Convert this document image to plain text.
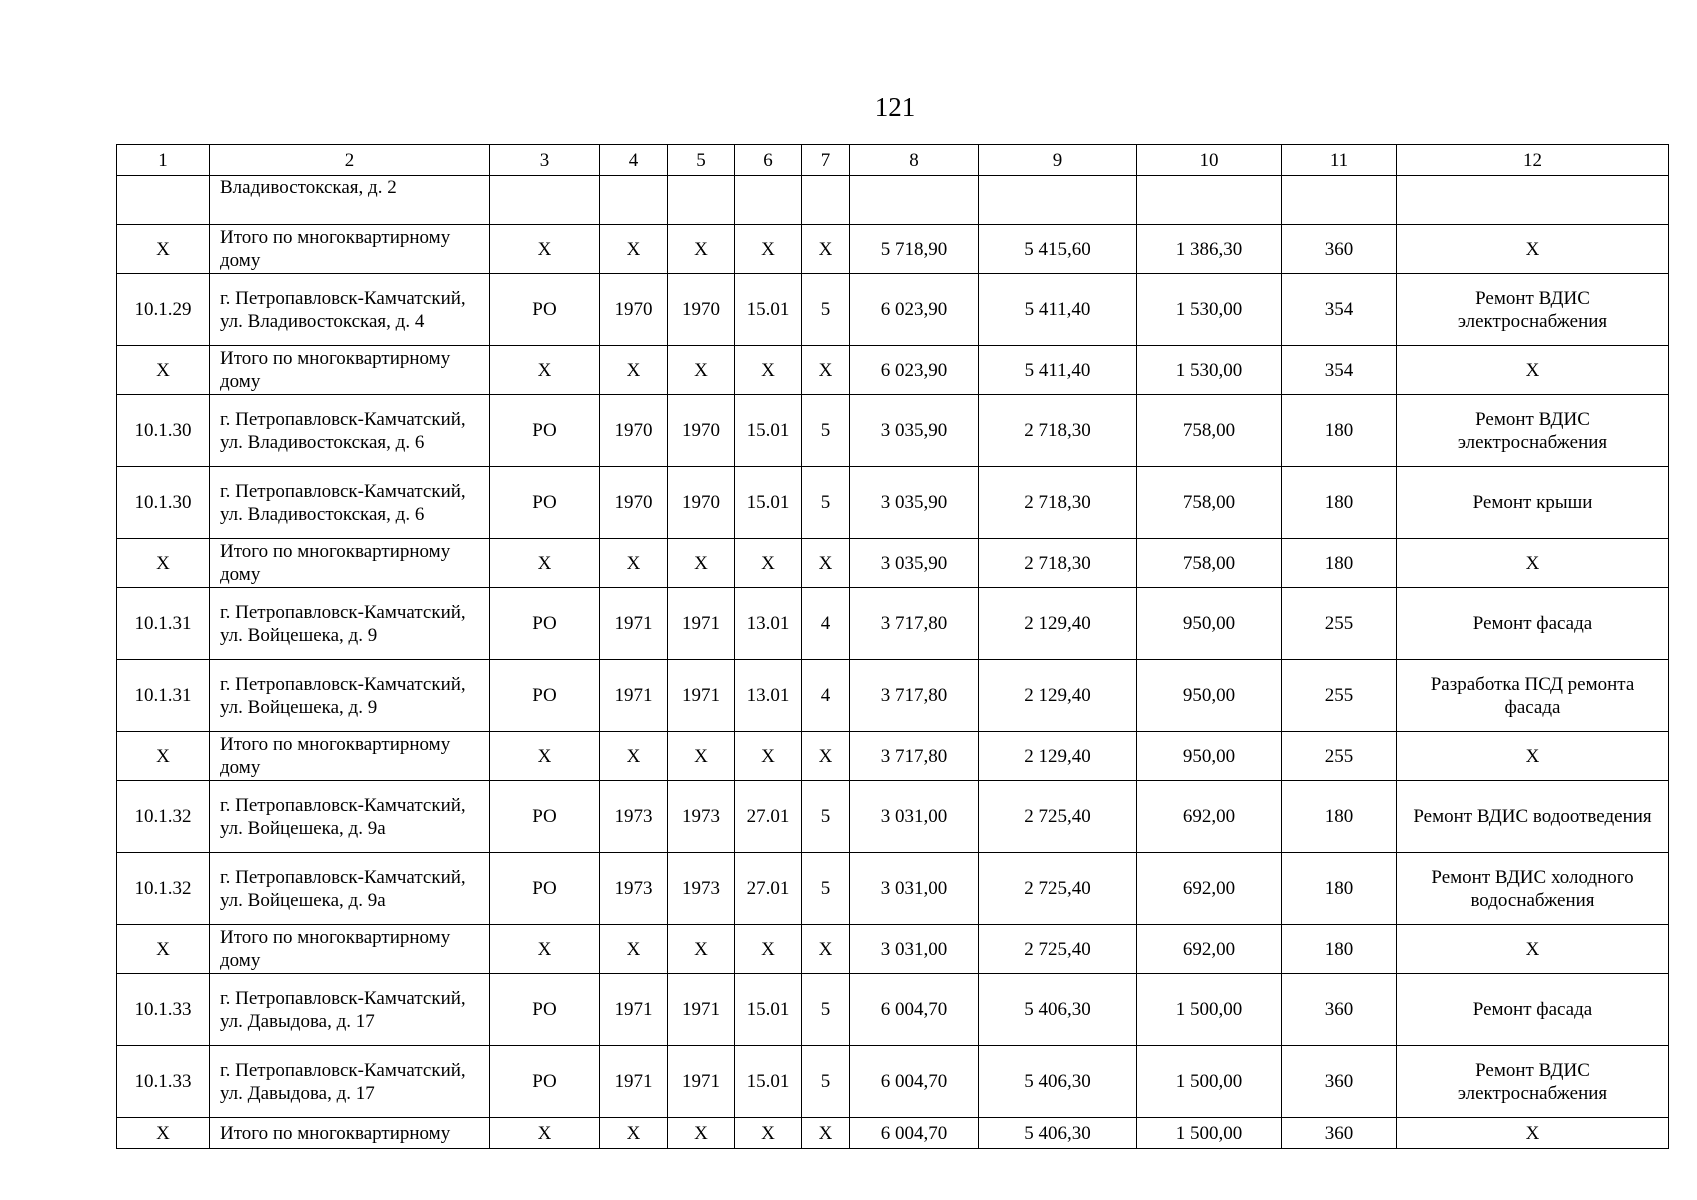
121
1	2	3	4	5	6	7	8	9	10	11	12
	Владивостокская, д. 2										
X	Итого по многоквартирному дому	X	X	X	X	X	5 718,90	5 415,60	1 386,30	360	X
10.1.29	г. Петропавловск-Камчатский, ул. Владивостокская, д. 4	РО	1970	1970	15.01	5	6 023,90	5 411,40	1 530,00	354	Ремонт ВДИС электроснабжения
X	Итого по многоквартирному дому	X	X	X	X	X	6 023,90	5 411,40	1 530,00	354	X
10.1.30	г. Петропавловск-Камчатский, ул. Владивостокская, д. 6	РО	1970	1970	15.01	5	3 035,90	2 718,30	758,00	180	Ремонт ВДИС электроснабжения
10.1.30	г. Петропавловск-Камчатский, ул. Владивостокская, д. 6	РО	1970	1970	15.01	5	3 035,90	2 718,30	758,00	180	Ремонт крыши
X	Итого по многоквартирному дому	X	X	X	X	X	3 035,90	2 718,30	758,00	180	X
10.1.31	г. Петропавловск-Камчатский, ул. Войцешека, д. 9	РО	1971	1971	13.01	4	3 717,80	2 129,40	950,00	255	Ремонт фасада
10.1.31	г. Петропавловск-Камчатский, ул. Войцешека, д. 9	РО	1971	1971	13.01	4	3 717,80	2 129,40	950,00	255	Разработка ПСД ремонта фасада
X	Итого по многоквартирному дому	X	X	X	X	X	3 717,80	2 129,40	950,00	255	X
10.1.32	г. Петропавловск-Камчатский, ул. Войцешека, д. 9а	РО	1973	1973	27.01	5	3 031,00	2 725,40	692,00	180	Ремонт ВДИС водоотведения
10.1.32	г. Петропавловск-Камчатский, ул. Войцешека, д. 9а	РО	1973	1973	27.01	5	3 031,00	2 725,40	692,00	180	Ремонт ВДИС холодного водоснабжения
X	Итого по многоквартирному дому	X	X	X	X	X	3 031,00	2 725,40	692,00	180	X
10.1.33	г. Петропавловск-Камчатский, ул. Давыдова, д. 17	РО	1971	1971	15.01	5	6 004,70	5 406,30	1 500,00	360	Ремонт фасада
10.1.33	г. Петропавловск-Камчатский, ул. Давыдова, д. 17	РО	1971	1971	15.01	5	6 004,70	5 406,30	1 500,00	360	Ремонт ВДИС электроснабжения
X	Итого по многоквартирному	X	X	X	X	X	6 004,70	5 406,30	1 500,00	360	X
